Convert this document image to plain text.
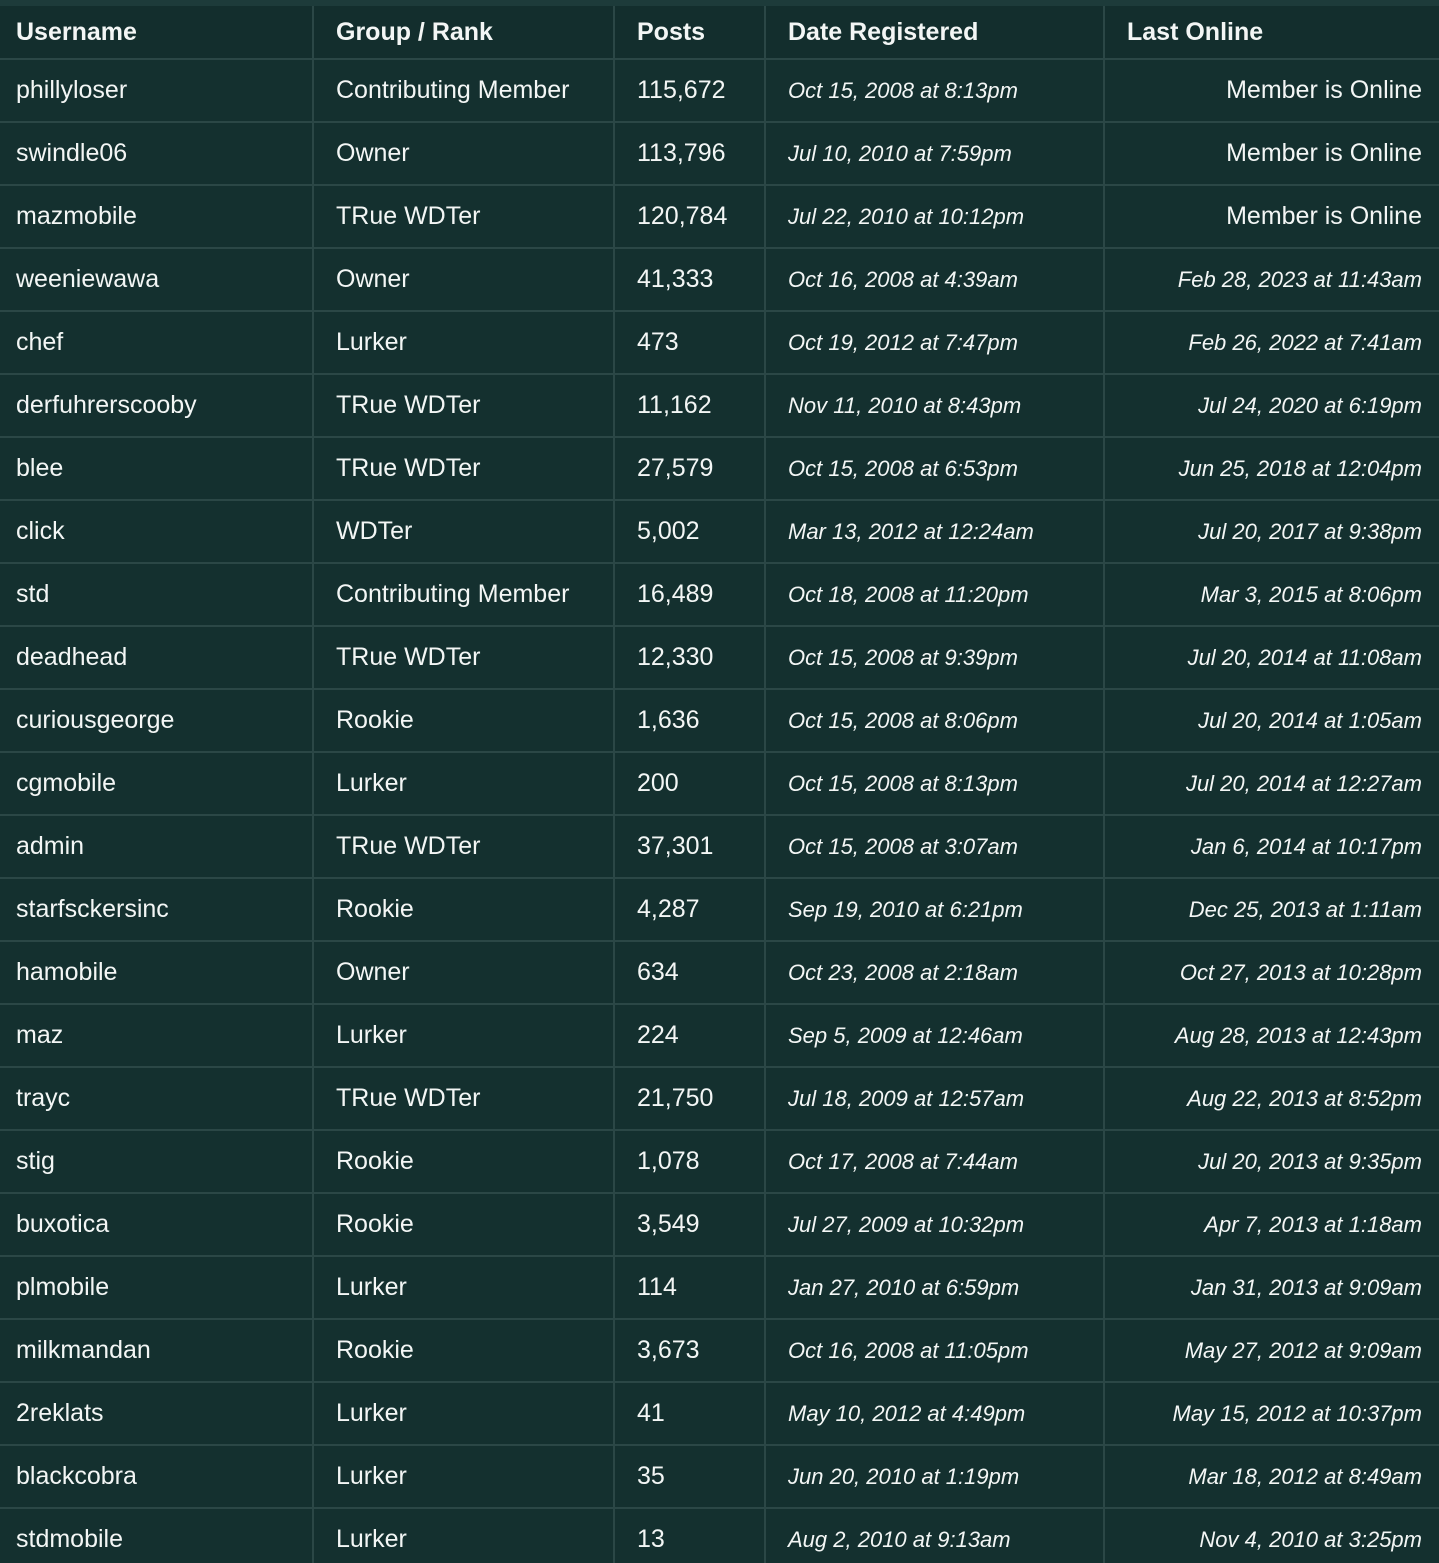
Username	Group / Rank	Posts	Date Registered	Last Online
phillyloser	Contributing Member	115,672	Oct 15, 2008 at 8:13pm	Member is Online
swindle06	Owner	113,796	Jul 10, 2010 at 7:59pm	Member is Online
mazmobile	TRue WDTer	120,784	Jul 22, 2010 at 10:12pm	Member is Online
weeniewawa	Owner	41,333	Oct 16, 2008 at 4:39am	Feb 28, 2023 at 11:43am
chef	Lurker	473	Oct 19, 2012 at 7:47pm	Feb 26, 2022 at 7:41am
derfuhrerscooby	TRue WDTer	11,162	Nov 11, 2010 at 8:43pm	Jul 24, 2020 at 6:19pm
blee	TRue WDTer	27,579	Oct 15, 2008 at 6:53pm	Jun 25, 2018 at 12:04pm
click	WDTer	5,002	Mar 13, 2012 at 12:24am	Jul 20, 2017 at 9:38pm
std	Contributing Member	16,489	Oct 18, 2008 at 11:20pm	Mar 3, 2015 at 8:06pm
deadhead	TRue WDTer	12,330	Oct 15, 2008 at 9:39pm	Jul 20, 2014 at 11:08am
curiousgeorge	Rookie	1,636	Oct 15, 2008 at 8:06pm	Jul 20, 2014 at 1:05am
cgmobile	Lurker	200	Oct 15, 2008 at 8:13pm	Jul 20, 2014 at 12:27am
admin	TRue WDTer	37,301	Oct 15, 2008 at 3:07am	Jan 6, 2014 at 10:17pm
starfsckersinc	Rookie	4,287	Sep 19, 2010 at 6:21pm	Dec 25, 2013 at 1:11am
hamobile	Owner	634	Oct 23, 2008 at 2:18am	Oct 27, 2013 at 10:28pm
maz	Lurker	224	Sep 5, 2009 at 12:46am	Aug 28, 2013 at 12:43pm
trayc	TRue WDTer	21,750	Jul 18, 2009 at 12:57am	Aug 22, 2013 at 8:52pm
stig	Rookie	1,078	Oct 17, 2008 at 7:44am	Jul 20, 2013 at 9:35pm
buxotica	Rookie	3,549	Jul 27, 2009 at 10:32pm	Apr 7, 2013 at 1:18am
plmobile	Lurker	114	Jan 27, 2010 at 6:59pm	Jan 31, 2013 at 9:09am
milkmandan	Rookie	3,673	Oct 16, 2008 at 11:05pm	May 27, 2012 at 9:09am
2reklats	Lurker	41	May 10, 2012 at 4:49pm	May 15, 2012 at 10:37pm
blackcobra	Lurker	35	Jun 20, 2010 at 1:19pm	Mar 18, 2012 at 8:49am
stdmobile	Lurker	13	Aug 2, 2010 at 9:13am	Nov 4, 2010 at 3:25pm
